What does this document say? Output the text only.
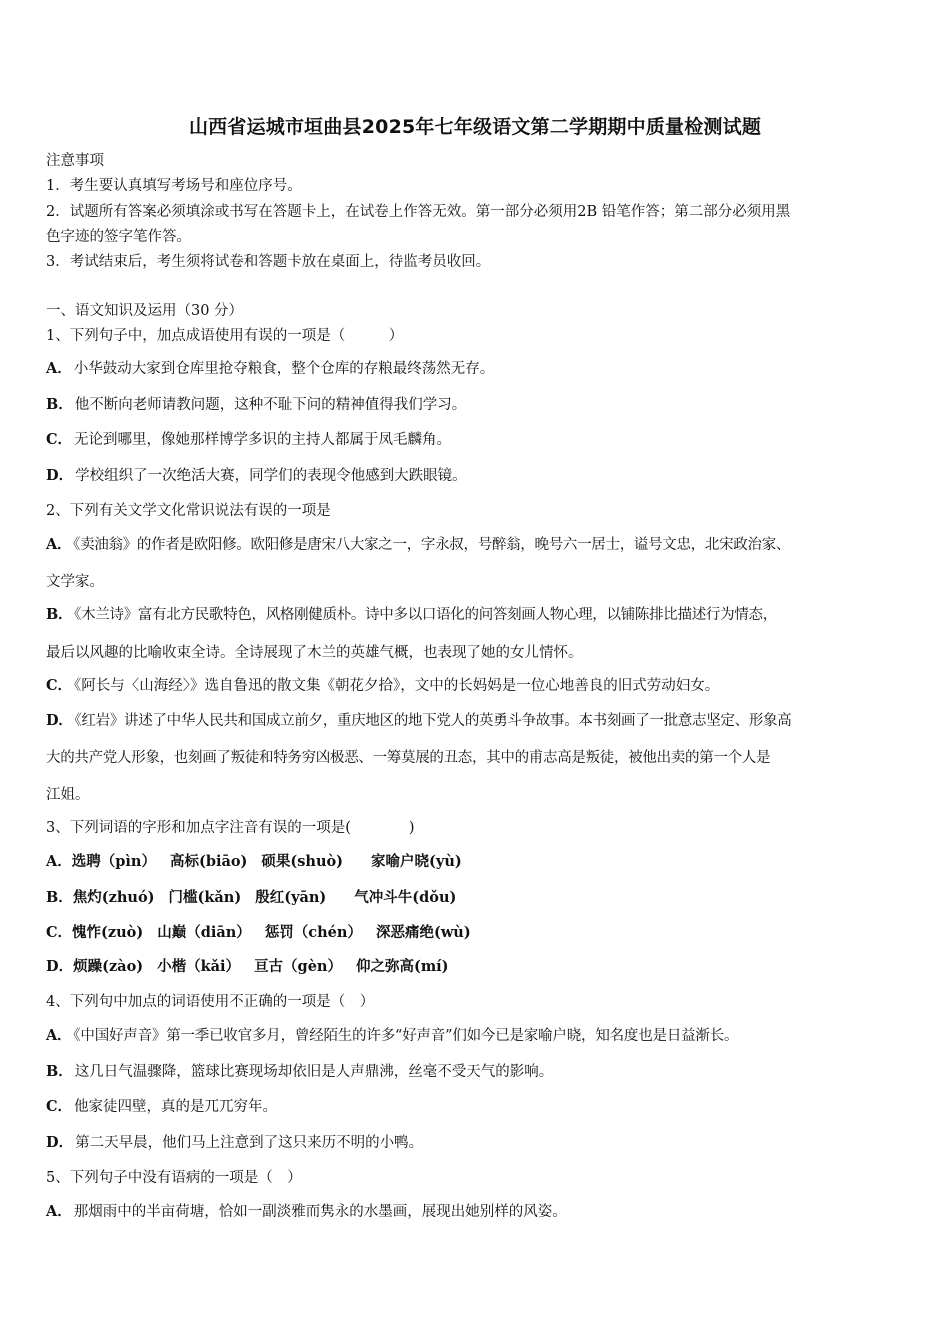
山西省运城市垣曲县2025年七年级语文第二学期期中质量检测试题
注意事项
1．考生要认真填写考场号和座位序号。
2．试题所有答案必须填涂或书写在答题卡上，在试卷上作答无效。第一部分必须用2B 铅笔作答；第二部分必须用黑
色字迹的签字笔作答。
3．考试结束后，考生须将试卷和答题卡放在桌面上，待监考员收回。
一、语文知识及运用（30 分）
1、下列句子中，加点成语使用有误的一项是（　　　）
A． 小华鼓动大家到仓库里抢夺粮食，整个仓库的存粮最终荡然无存。
B． 他不断向老师请教问题，这种不耻下问的精神值得我们学习。
C． 无论到哪里，像她那样博学多识的主持人都属于凤毛麟角。
D． 学校组织了一次绝活大赛，同学们的表现令他感到大跌眼镜。
2、下列有关文学文化常识说法有误的一项是
A． 《卖油翁》的作者是欧阳修。欧阳修是唐宋八大家之一，字永叔，号醉翁，晚号六一居士，谥号文忠，北宋政治家、
文学家。
B． 《木兰诗》富有北方民歌特色，风格刚健质朴。诗中多以口语化的问答刻画人物心理，以铺陈排比描述行为情态，
最后以风趣的比喻收束全诗。全诗展现了木兰的英雄气概，也表现了她的女儿情怀。
C． 《阿长与〈山海经〉》选自鲁迅的散文集《朝花夕拾》，文中的长妈妈是一位心地善良的旧式劳动妇女。
D． 《红岩》讲述了中华人民共和国成立前夕，重庆地区的地下党人的英勇斗争故事。本书刻画了一批意志坚定、形象高
大的共产党人形象，也刻画了叛徒和特务穷凶极恶、一筹莫展的丑态，其中的甫志高是叛徒，被他出卖的第一个人是
江姐。
3、下列词语的字形和加点字注音有误的一项是(　　　　)
A．选聘（pìn） 高标(biāo) 硕果(shuò) 家喻户晓(yù)
B．焦灼(zhuó) 门槛(kǎn) 殷红(yān) 气冲斗牛(dǒu)
C．愧怍(zuò) 山巅（diān） 惩罚（chén） 深恶痛绝(wù)
D．烦躁(zào) 小楷（kǎi） 亘古（gèn） 仰之弥高(mí)
4、下列句中加点的词语使用不正确的一项是（　）
A． 《中国好声音》第一季已收官多月，曾经陌生的许多“好声音”们如今已是家喻户晓，知名度也是日益渐长。
B． 这几日气温骤降，篮球比赛现场却依旧是人声鼎沸，丝毫不受天气的影响。
C． 他家徒四壁，真的是兀兀穷年。
D． 第二天早晨，他们马上注意到了这只来历不明的小鸭。
5、下列句子中没有语病的一项是（　）
A． 那烟雨中的半亩荷塘，恰如一副淡雅而隽永的水墨画，展现出她别样的风姿。
